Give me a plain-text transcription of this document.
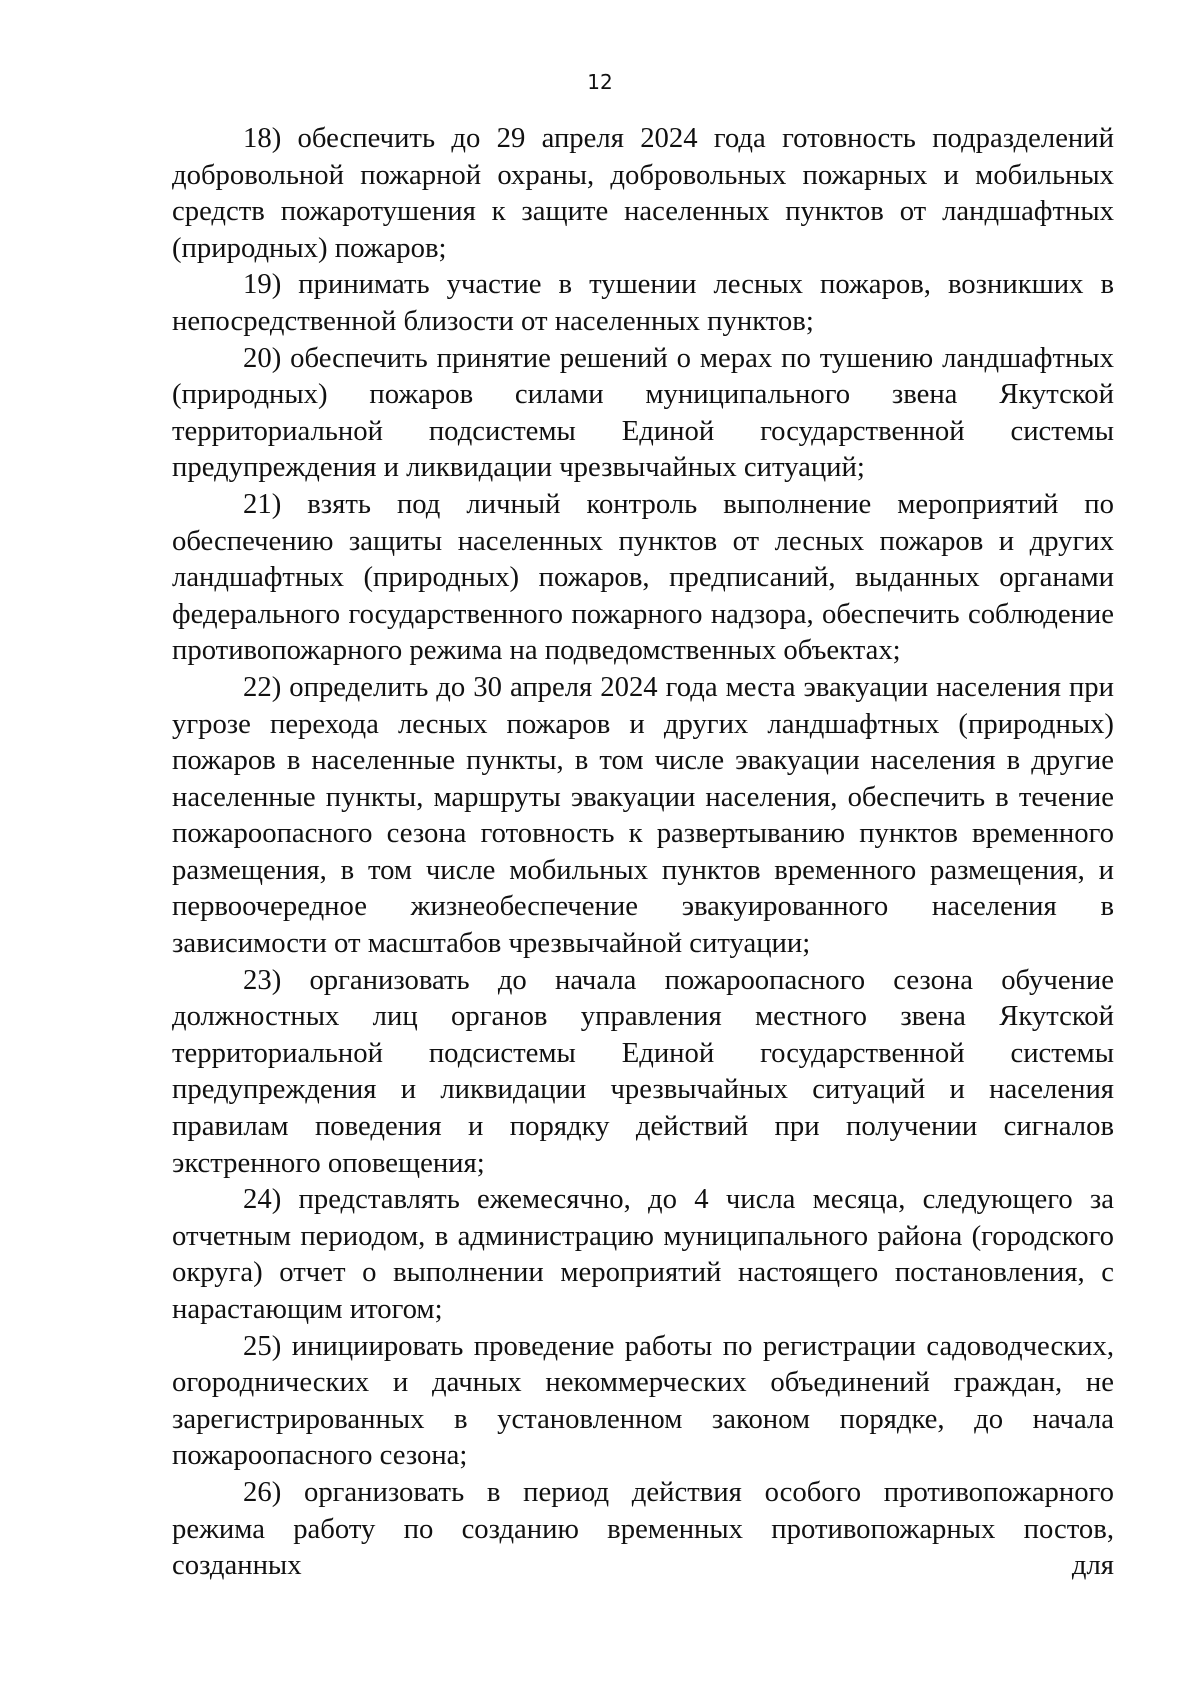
12

18) обеспечить до 29 апреля 2024 года готовность подразделений добровольной пожарной охраны, добровольных пожарных и мобильных средств пожаротушения к защите населенных пунктов от ландшафтных (природных) пожаров;

19) принимать участие в тушении лесных пожаров, возникших в непосредственной близости от населенных пунктов;

20) обеспечить принятие решений о мерах по тушению ландшафтных (природных) пожаров силами муниципального звена Якутской территориальной подсистемы Единой государственной системы предупреждения и ликвидации чрезвычайных ситуаций;

21) взять под личный контроль выполнение мероприятий по обеспечению защиты населенных пунктов от лесных пожаров и других ландшафтных (природных) пожаров, предписаний, выданных органами федерального государственного пожарного надзора, обеспечить соблюдение противопожарного режима на подведомственных объектах;

22) определить до 30 апреля 2024 года места эвакуации населения при угрозе перехода лесных пожаров и других ландшафтных (природных) пожаров в населенные пункты, в том числе эвакуации населения в другие населенные пункты, маршруты эвакуации населения, обеспечить в течение пожароопасного сезона готовность к развертыванию пунктов временного размещения, в том числе мобильных пунктов временного размещения, и первоочередное жизнеобеспечение эвакуированного населения в зависимости от масштабов чрезвычайной ситуации;

23) организовать до начала пожароопасного сезона обучение должностных лиц органов управления местного звена Якутской территориальной подсистемы Единой государственной системы предупреждения и ликвидации чрезвычайных ситуаций и населения правилам поведения и порядку действий при получении сигналов экстренного оповещения;

24) представлять ежемесячно, до 4 числа месяца, следующего за отчетным периодом, в администрацию муниципального района (городского округа) отчет о выполнении мероприятий настоящего постановления, с нарастающим итогом;

25) инициировать проведение работы по регистрации садоводческих, огороднических и дачных некоммерческих объединений граждан, не зарегистрированных в установленном законом порядке, до начала пожароопасного сезона;

26) организовать в период действия особого противопожарного режима работу по созданию временных противопожарных постов, созданных для
